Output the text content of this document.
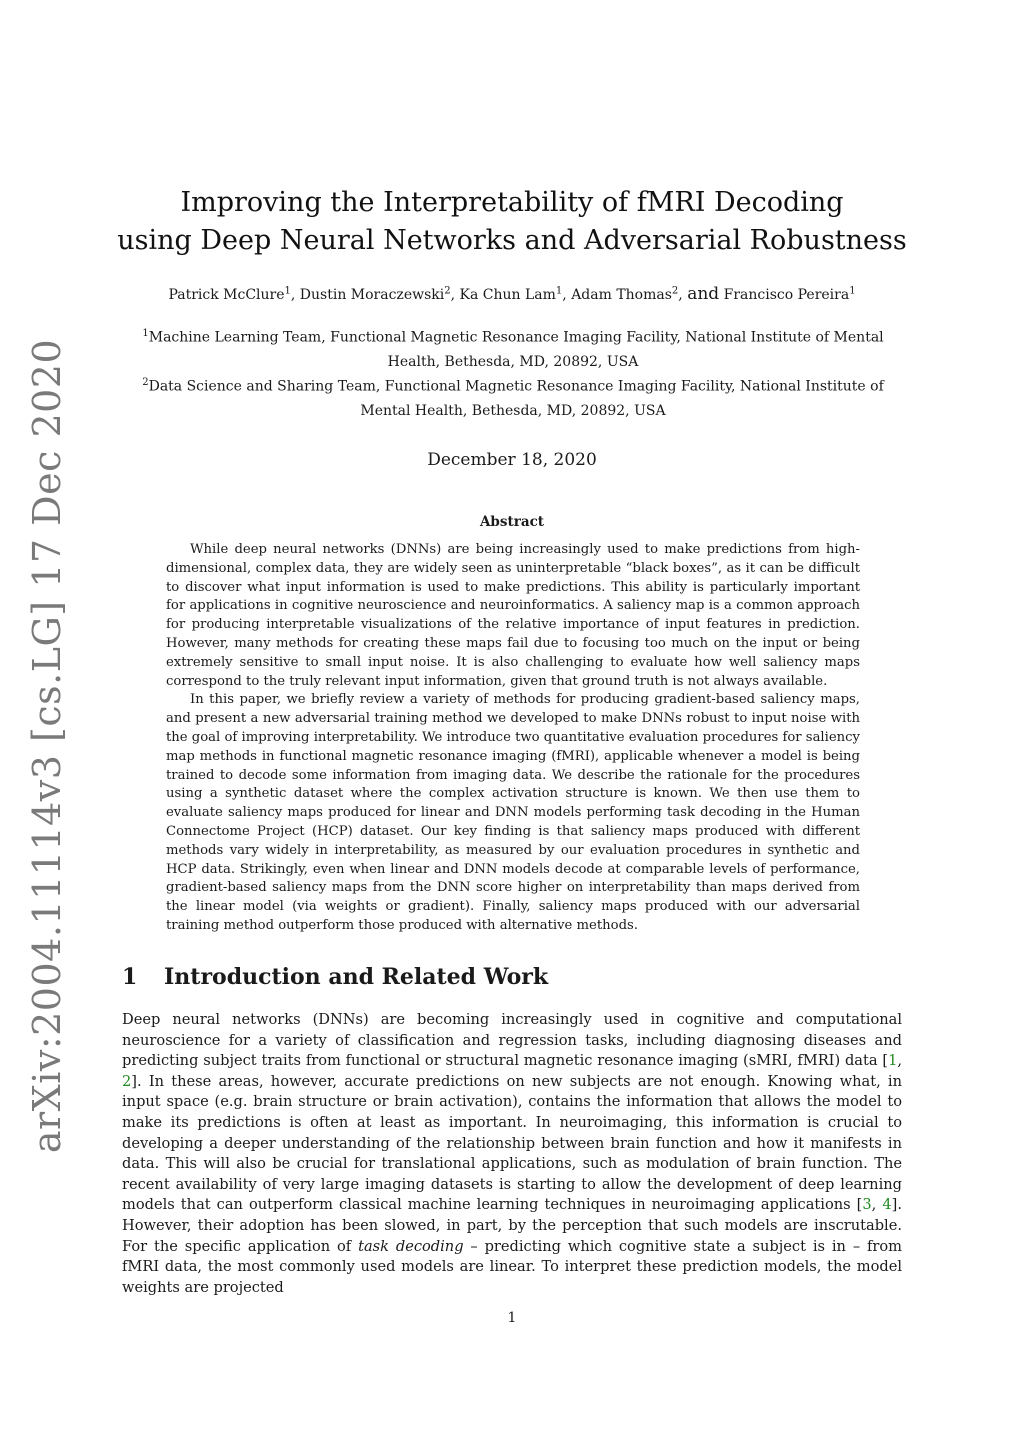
arXiv:2004.11114v3 [cs.LG] 17 Dec 2020
Improving the Interpretability of fMRI Decoding
using Deep Neural Networks and Adversarial Robustness
Patrick McClure$^1$, Dustin Moraczewski$^2$, Ka Chun Lam$^1$, Adam Thomas$^2$, and Francisco Pereira$^1$
$^1$Machine Learning Team, Functional Magnetic Resonance Imaging Facility, National Institute of Mental Health, Bethesda, MD, 20892, USA
$^2$Data Science and Sharing Team, Functional Magnetic Resonance Imaging Facility, National Institute of Mental Health, Bethesda, MD, 20892, USA
December 18, 2020
Abstract

While deep neural networks (DNNs) are being increasingly used to make predictions from high-dimensional, complex data, they are widely seen as uninterpretable “black boxes”, as it can be difficult to discover what input information is used to make predictions. This ability is particularly important for applications in cognitive neuroscience and neuroinformatics. A saliency map is a common approach for producing interpretable visualizations of the relative importance of input features in prediction. However, many methods for creating these maps fail due to focusing too much on the input or being extremely sensitive to small input noise. It is also challenging to evaluate how well saliency maps correspond to the truly relevant input information, given that ground truth is not always available.

In this paper, we briefly review a variety of methods for producing gradient-based saliency maps, and present a new adversarial training method we developed to make DNNs robust to input noise with the goal of improving interpretability. We introduce two quantitative evaluation procedures for saliency map methods in functional magnetic resonance imaging (fMRI), applicable whenever a model is being trained to decode some information from imaging data. We describe the rationale for the procedures using a synthetic dataset where the complex activation structure is known. We then use them to evaluate saliency maps produced for linear and DNN models performing task decoding in the Human Connectome Project (HCP) dataset. Our key finding is that saliency maps produced with different methods vary widely in interpretability, as measured by our evaluation procedures in synthetic and HCP data. Strikingly, even when linear and DNN models decode at comparable levels of performance, gradient-based saliency maps from the DNN score higher on interpretability than maps derived from the linear model (via weights or gradient). Finally, saliency maps produced with our adversarial training method outperform those produced with alternative methods.

1 Introduction and Related Work

Deep neural networks (DNNs) are becoming increasingly used in cognitive and computational neuroscience for a variety of classification and regression tasks, including diagnosing diseases and predicting subject traits from functional or structural magnetic resonance imaging (sMRI, fMRI) data [1, 2]. In these areas, however, accurate predictions on new subjects are not enough. Knowing what, in input space (e.g. brain structure or brain activation), contains the information that allows the model to make its predictions is often at least as important. In neuroimaging, this information is crucial to developing a deeper understanding of the relationship between brain function and how it manifests in data. This will also be crucial for translational applications, such as modulation of brain function. The recent availability of very large imaging datasets is starting to allow the development of deep learning models that can outperform classical machine learning techniques in neuroimaging applications [3, 4]. However, their adoption has been slowed, in part, by the perception that such models are inscrutable. For the specific application of task decoding – predicting which cognitive state a subject is in – from fMRI data, the most commonly used models are linear. To interpret these prediction models, the model weights are projected

1
